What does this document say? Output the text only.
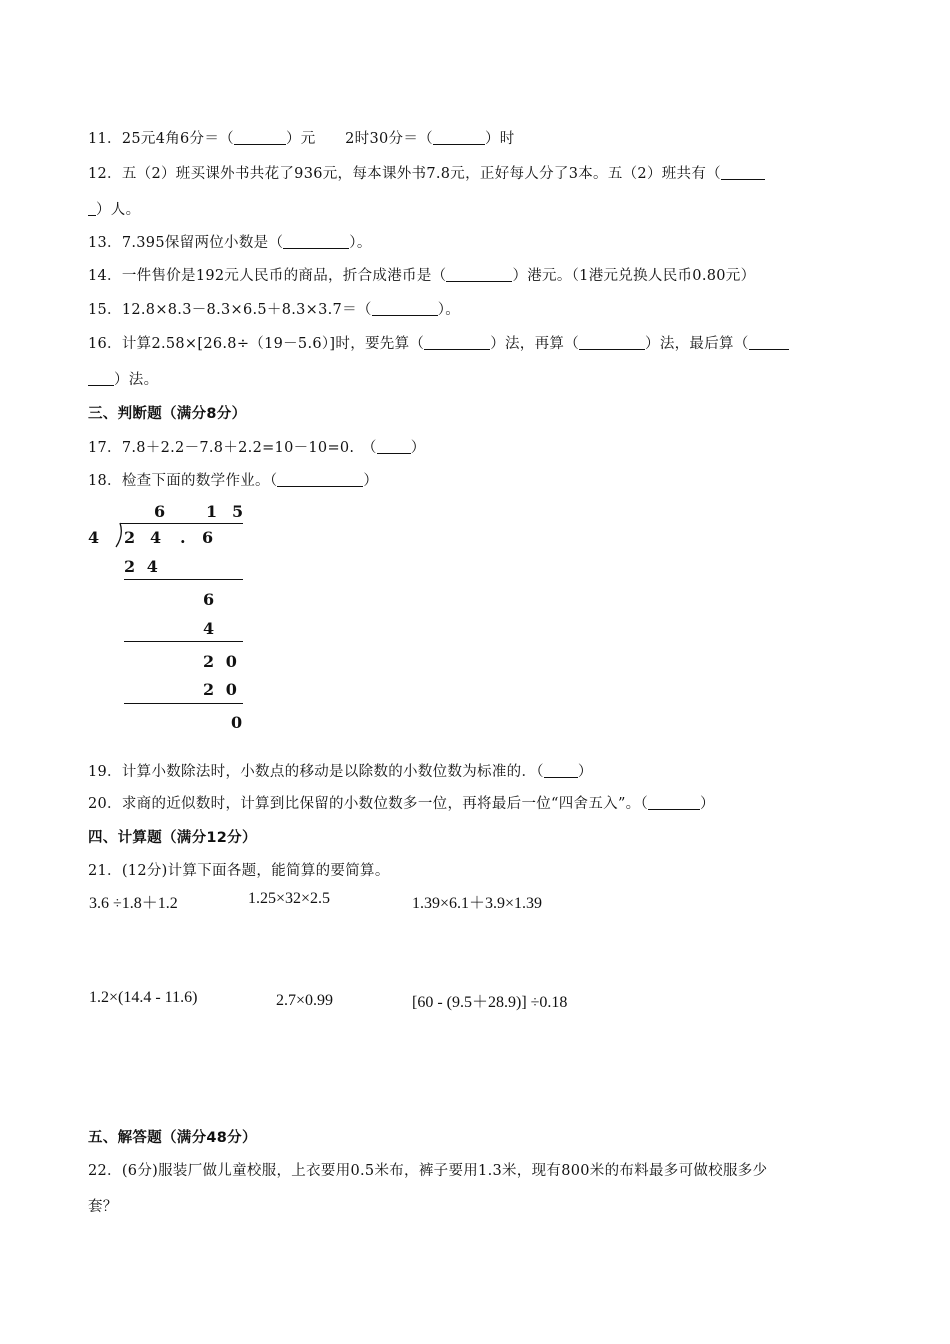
11．25元4角6分＝（	）元　　2时30分＝（	）时
12．五（2）班买课外书共花了936元，每本课外书7.8元，正好每人分了3本。五（2）班共有（
）人。
13．7.395保留两位小数是（	）。
14．一件售价是192元人民币的商品，折合成港币是（	）港元。（1港元兑换人民币0.80元）
15．12.8×8.3－8.3×6.5＋8.3×3.7＝（	）。
16．计算2.58×[26.8÷（19－5.6）]时，要先算（	）法，再算（	）法，最后算（
）法。
三、判断题（满分8分）
17．7.8＋2.2－7.8＋2.2=10－10=0.　（ ）
18．检查下面的数学作业。（	）
6	1 5
4 2 4 . 6
2 4
6
4
2 0
2 0
0
19．计算小数除法时，小数点的移动是以除数的小数位数为标准的．（ ）
20．求商的近似数时，计算到比保留的小数位数多一位，再将最后一位“四舍五入”。（	）
四、计算题（满分12分）
21．(12分)计算下面各题，能简算的要简算。
3.6 ÷1.8＋1.2	1.25×32×2.5	1.39×6.1＋3.9×1.39
1.2×(14.4 - 11.6)	2.7×0.99	[60 - (9.5＋28.9)] ÷0.18
五、解答题（满分48分）
22．(6分)服装厂做儿童校服，上衣要用0.5米布，裤子要用1.3米，现有800米的布料最多可做校服多少
套？
